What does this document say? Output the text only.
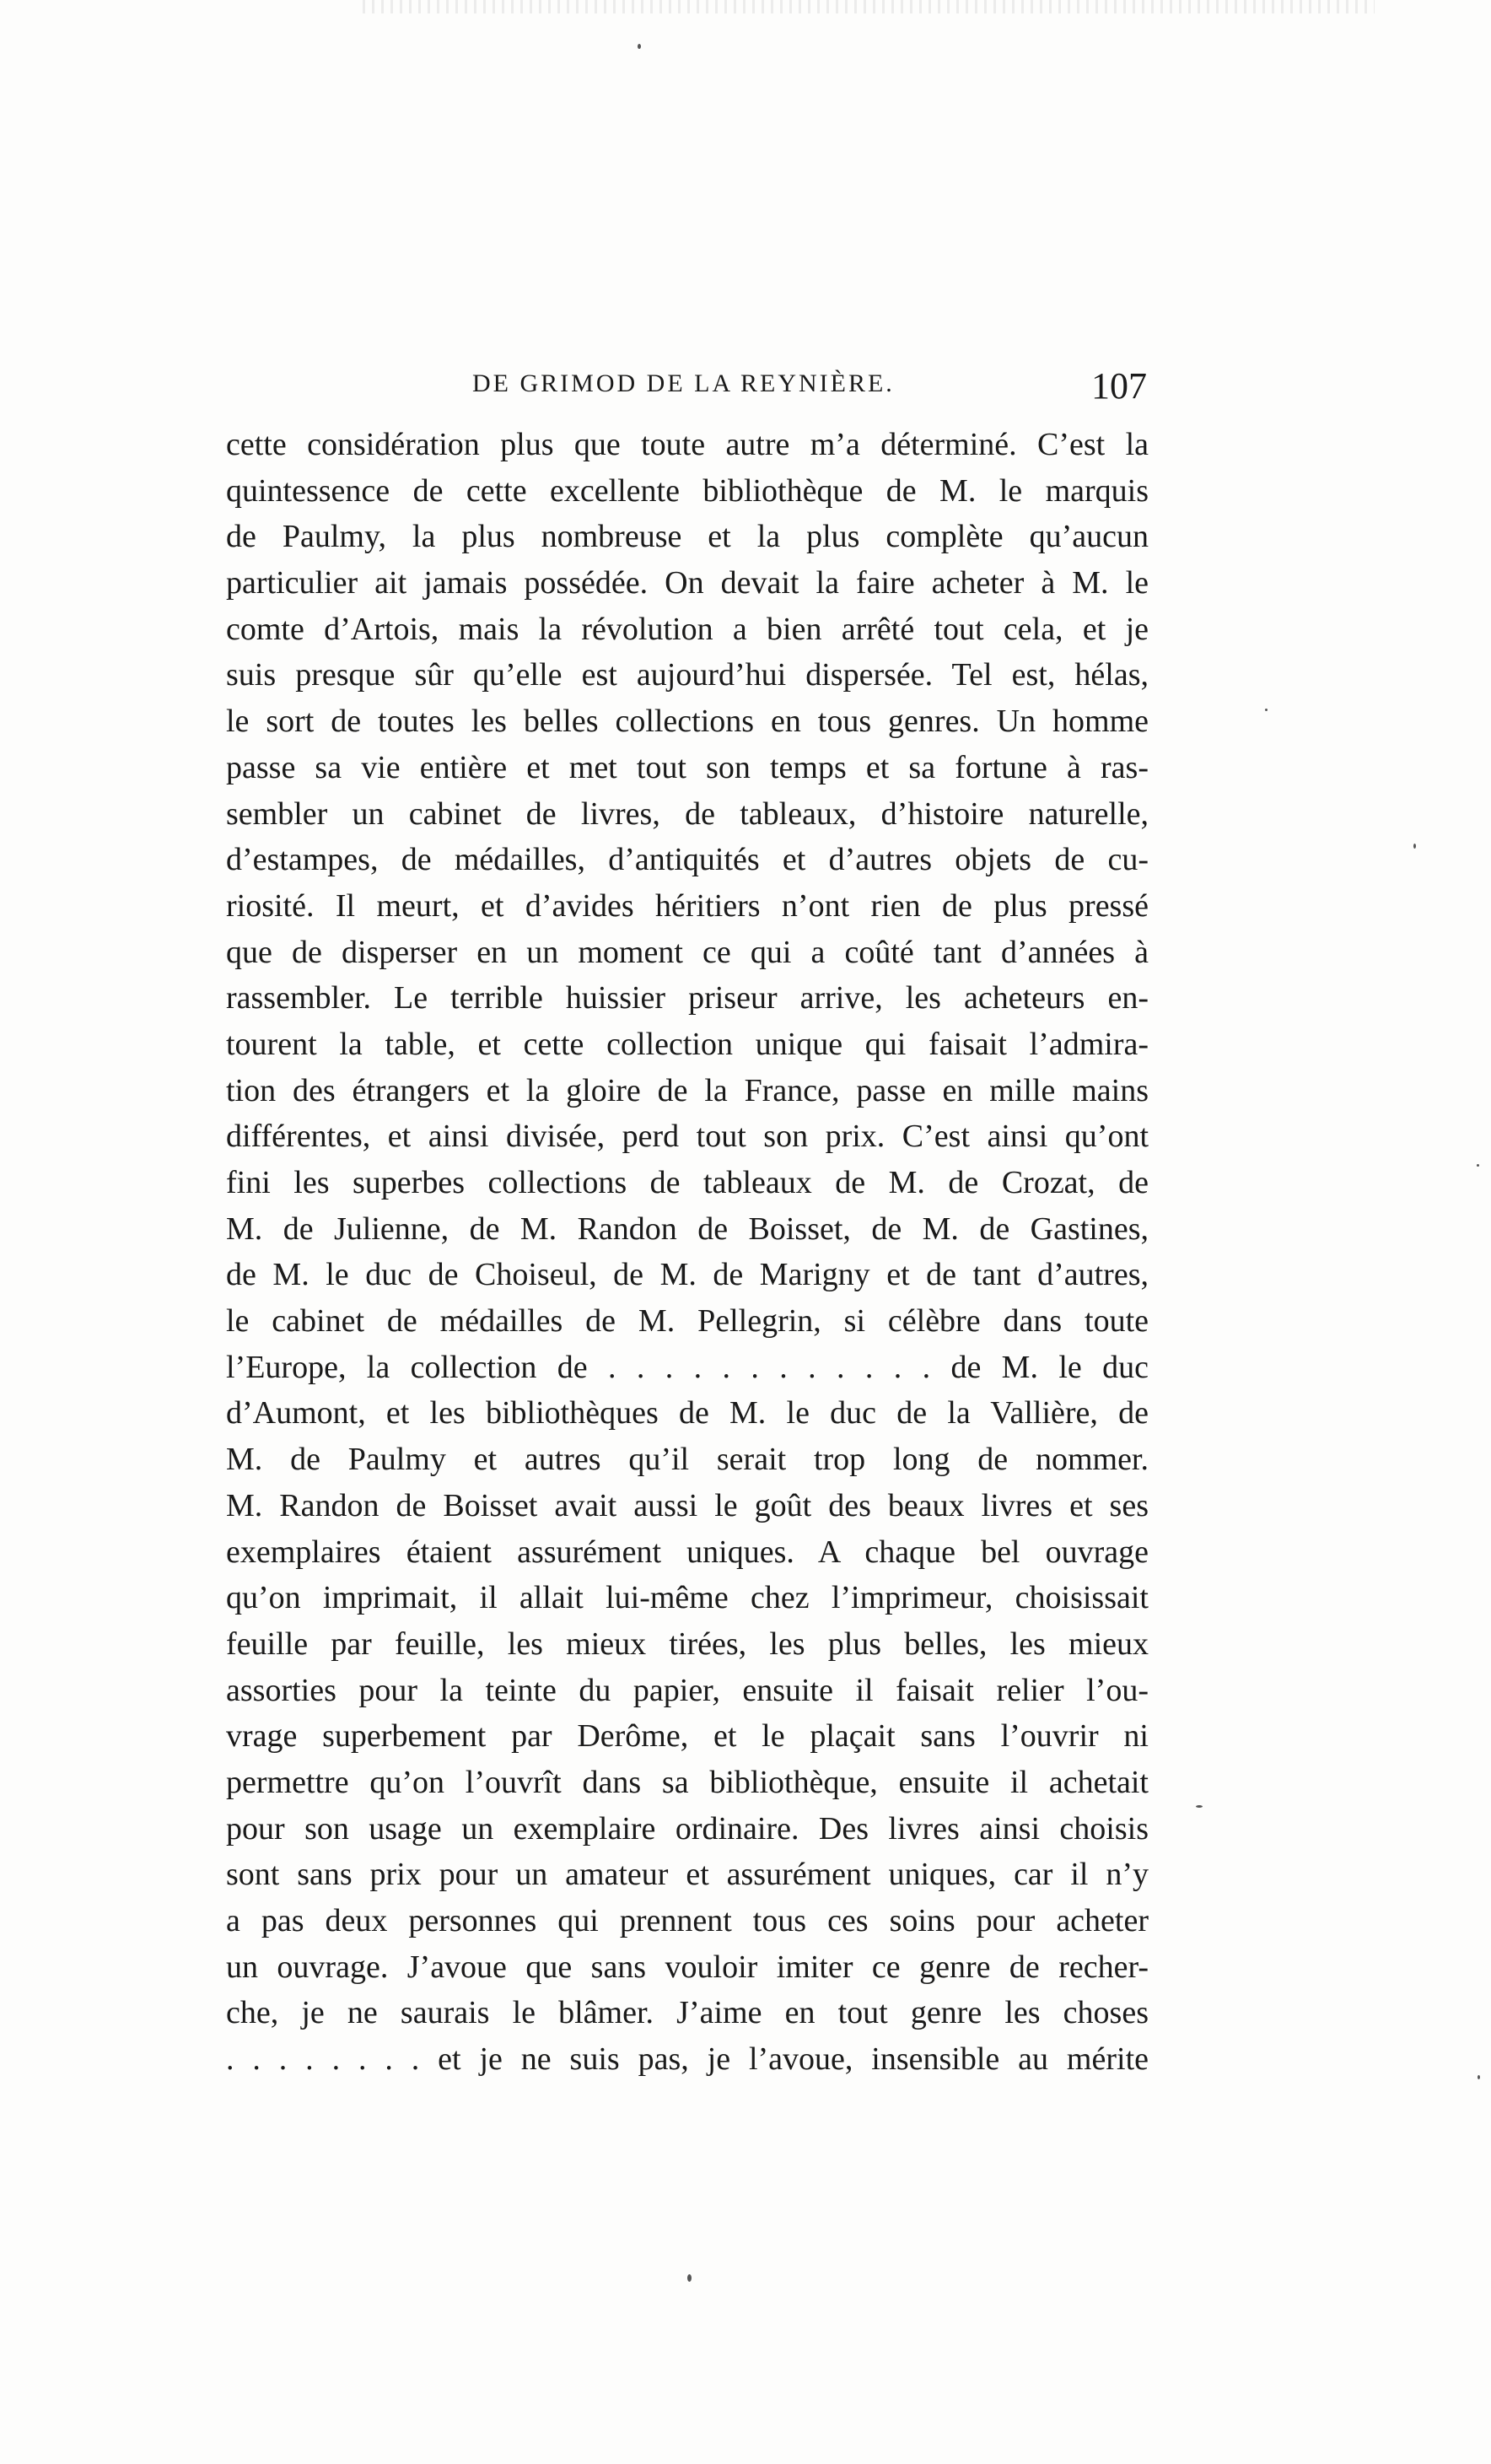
DE GRIMOD DE LA REYNIÈRE.	107
cette considération plus que toute autre m’a déterminé. C’est la
quintessence de cette excellente bibliothèque de M. le marquis
de Paulmy, la plus nombreuse et la plus complète qu’aucun
particulier ait jamais possédée. On devait la faire acheter à M. le
comte d’Artois, mais la révolution a bien arrêté tout cela, et je
suis presque sûr qu’elle est aujourd’hui dispersée. Tel est, hélas,
le sort de toutes les belles collections en tous genres. Un homme
passe sa vie entière et met tout son temps et sa fortune à ras-
sembler un cabinet de livres, de tableaux, d’histoire naturelle,
d’estampes, de médailles, d’antiquités et d’autres objets de cu-
riosité. Il meurt, et d’avides héritiers n’ont rien de plus pressé
que de disperser en un moment ce qui a coûté tant d’années à
rassembler. Le terrible huissier priseur arrive, les acheteurs en-
tourent la table, et cette collection unique qui faisait l’admira-
tion des étrangers et la gloire de la France, passe en mille mains
différentes, et ainsi divisée, perd tout son prix. C’est ainsi qu’ont
fini les superbes collections de tableaux de M. de Crozat, de
M. de Julienne, de M. Randon de Boisset, de M. de Gastines,
de M. le duc de Choiseul, de M. de Marigny et de tant d’autres,
le cabinet de médailles de M. Pellegrin, si célèbre dans toute
l’Europe, la collection de . . . . . . . . . . . . de M. le duc
d’Aumont, et les bibliothèques de M. le duc de la Vallière, de
M. de Paulmy et autres qu’il serait trop long de nommer.
M. Randon de Boisset avait aussi le goût des beaux livres et ses
exemplaires étaient assurément uniques. A chaque bel ouvrage
qu’on imprimait, il allait lui-même chez l’imprimeur, choisissait
feuille par feuille, les mieux tirées, les plus belles, les mieux
assorties pour la teinte du papier, ensuite il faisait relier l’ou-
vrage superbement par Derôme, et le plaçait sans l’ouvrir ni
permettre qu’on l’ouvrît dans sa bibliothèque, ensuite il achetait
pour son usage un exemplaire ordinaire. Des livres ainsi choisis
sont sans prix pour un amateur et assurément uniques, car il n’y
a pas deux personnes qui prennent tous ces soins pour acheter
un ouvrage. J’avoue que sans vouloir imiter ce genre de recher-
che, je ne saurais le blâmer. J’aime en tout genre les choses
. . . . . . . . et je ne suis pas, je l’avoue, insensible au mérite
